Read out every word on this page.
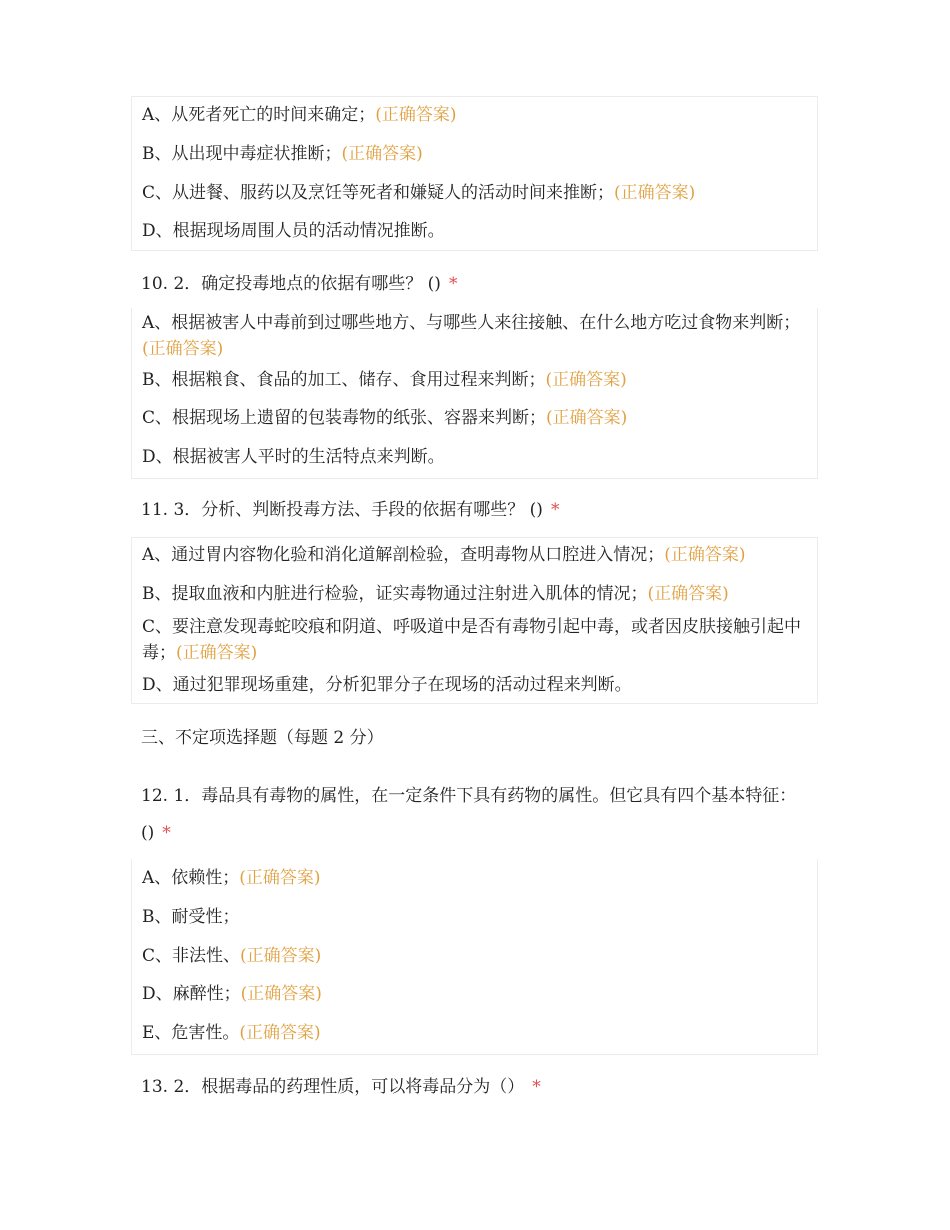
A、从死者死亡的时间来确定；(正确答案)
B、从出现中毒症状推断；(正确答案)
C、从进餐、服药以及烹饪等死者和嫌疑人的活动时间来推断；(正确答案)
D、根据现场周围人员的活动情况推断。
10. 2．确定投毒地点的依据有哪些？ () *
A、根据被害人中毒前到过哪些地方、与哪些人来往接触、在什么地方吃过食物来判断；(正确答案)
B、根据粮食、食品的加工、储存、食用过程来判断；(正确答案)
C、根据现场上遗留的包装毒物的纸张、容器来判断；(正确答案)
D、根据被害人平时的生活特点来判断。
11. 3．分析、判断投毒方法、手段的依据有哪些？ () *
A、通过胃内容物化验和消化道解剖检验，查明毒物从口腔进入情况；(正确答案)
B、提取血液和内脏进行检验，证实毒物通过注射进入肌体的情况；(正确答案)
C、要注意发现毒蛇咬痕和阴道、呼吸道中是否有毒物引起中毒，或者因皮肤接触引起中毒；(正确答案)
D、通过犯罪现场重建，分析犯罪分子在现场的活动过程来判断。
三、不定项选择题（每题 2 分）
12. 1．毒品具有毒物的属性，在一定条件下具有药物的属性。但它具有四个基本特征：() *
A、依赖性；(正确答案)
B、耐受性；
C、非法性、(正确答案)
D、麻醉性；(正确答案)
E、危害性。(正确答案)
13. 2．根据毒品的药理性质，可以将毒品分为（） *
